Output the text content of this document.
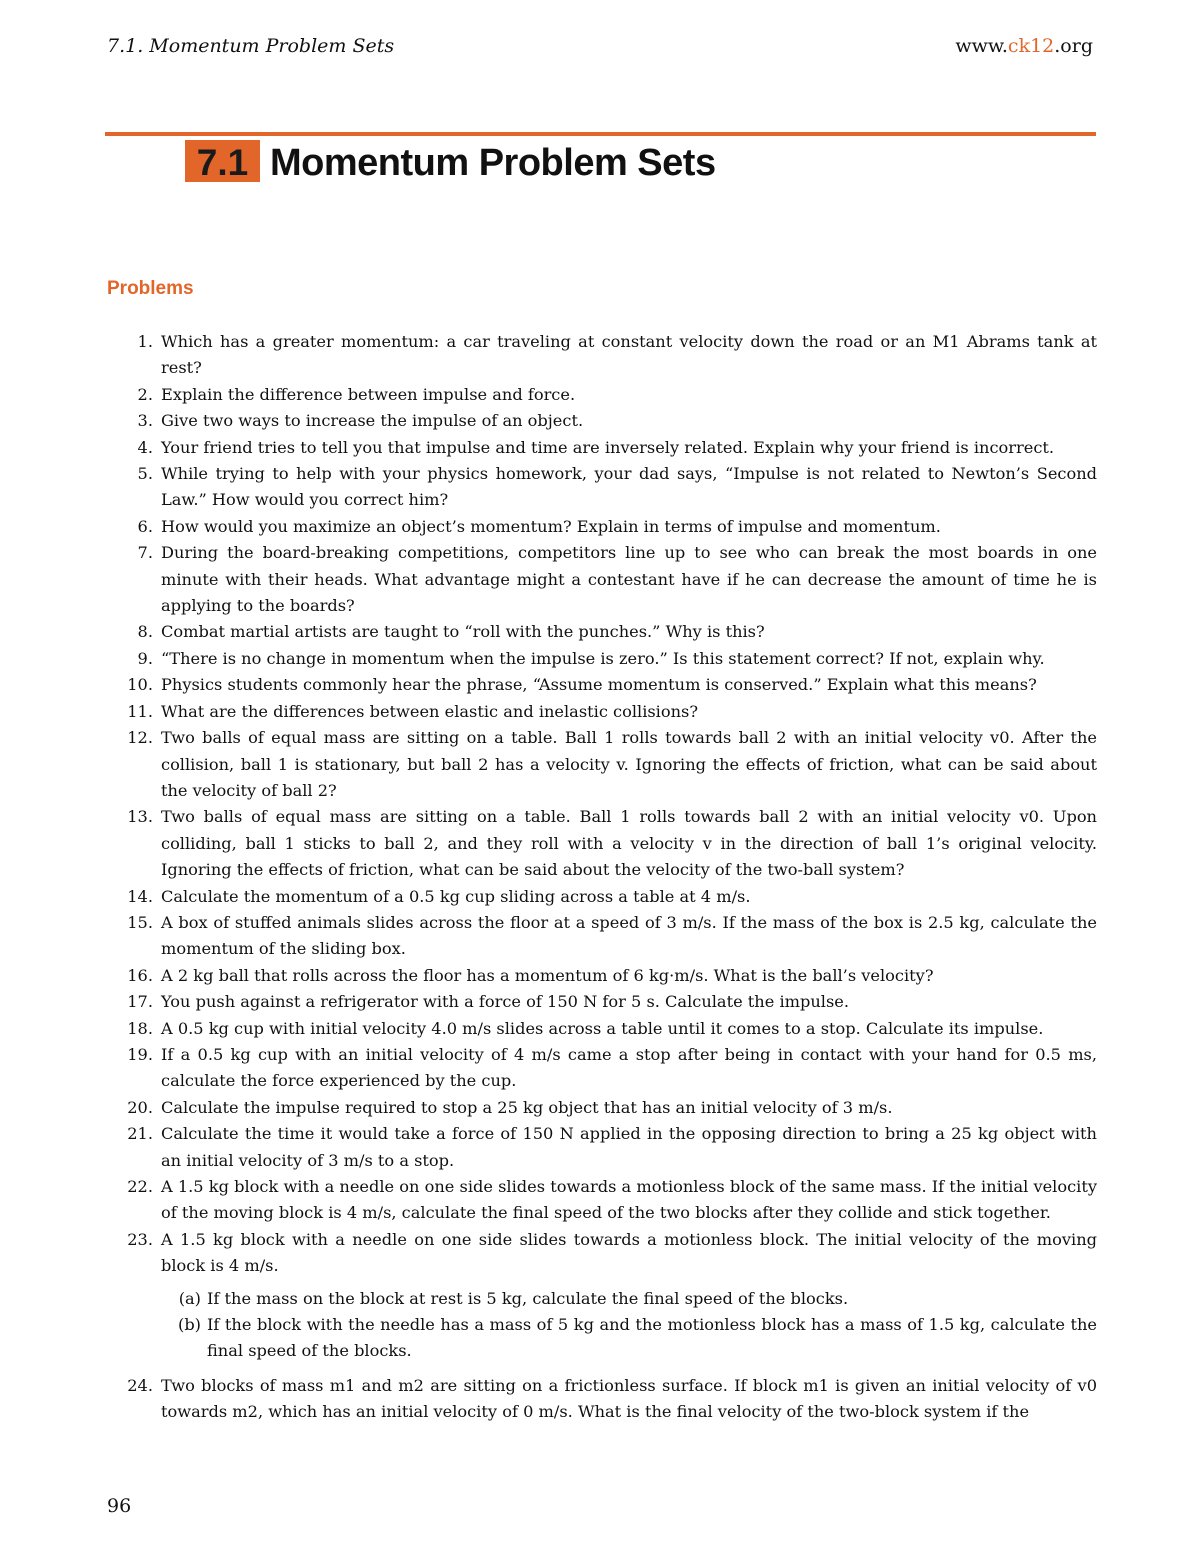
7.1. Momentum Problem Sets	www.ck12.org
7.1 Momentum Problem Sets
Problems
1. Which has a greater momentum: a car traveling at constant velocity down the road or an M1 Abrams tank at rest?
2. Explain the difference between impulse and force.
3. Give two ways to increase the impulse of an object.
4. Your friend tries to tell you that impulse and time are inversely related. Explain why your friend is incorrect.
5. While trying to help with your physics homework, your dad says, “Impulse is not related to Newton’s Second Law.” How would you correct him?
6. How would you maximize an object’s momentum? Explain in terms of impulse and momentum.
7. During the board-breaking competitions, competitors line up to see who can break the most boards in one minute with their heads. What advantage might a contestant have if he can decrease the amount of time he is applying to the boards?
8. Combat martial artists are taught to “roll with the punches.” Why is this?
9. “There is no change in momentum when the impulse is zero.” Is this statement correct? If not, explain why.
10. Physics students commonly hear the phrase, “Assume momentum is conserved.” Explain what this means?
11. What are the differences between elastic and inelastic collisions?
12. Two balls of equal mass are sitting on a table. Ball 1 rolls towards ball 2 with an initial velocity v0. After the collision, ball 1 is stationary, but ball 2 has a velocity v. Ignoring the effects of friction, what can be said about the velocity of ball 2?
13. Two balls of equal mass are sitting on a table. Ball 1 rolls towards ball 2 with an initial velocity v0. Upon colliding, ball 1 sticks to ball 2, and they roll with a velocity v in the direction of ball 1’s original velocity. Ignoring the effects of friction, what can be said about the velocity of the two-ball system?
14. Calculate the momentum of a 0.5 kg cup sliding across a table at 4 m/s.
15. A box of stuffed animals slides across the floor at a speed of 3 m/s. If the mass of the box is 2.5 kg, calculate the momentum of the sliding box.
16. A 2 kg ball that rolls across the floor has a momentum of 6 kg·m/s. What is the ball’s velocity?
17. You push against a refrigerator with a force of 150 N for 5 s. Calculate the impulse.
18. A 0.5 kg cup with initial velocity 4.0 m/s slides across a table until it comes to a stop. Calculate its impulse.
19. If a 0.5 kg cup with an initial velocity of 4 m/s came a stop after being in contact with your hand for 0.5 ms, calculate the force experienced by the cup.
20. Calculate the impulse required to stop a 25 kg object that has an initial velocity of 3 m/s.
21. Calculate the time it would take a force of 150 N applied in the opposing direction to bring a 25 kg object with an initial velocity of 3 m/s to a stop.
22. A 1.5 kg block with a needle on one side slides towards a motionless block of the same mass. If the initial velocity of the moving block is 4 m/s, calculate the final speed of the two blocks after they collide and stick together.
23. A 1.5 kg block with a needle on one side slides towards a motionless block. The initial velocity of the moving block is 4 m/s.
(a) If the mass on the block at rest is 5 kg, calculate the final speed of the blocks.
(b) If the block with the needle has a mass of 5 kg and the motionless block has a mass of 1.5 kg, calculate the final speed of the blocks.
24. Two blocks of mass m1 and m2 are sitting on a frictionless surface. If block m1 is given an initial velocity of v0 towards m2, which has an initial velocity of 0 m/s. What is the final velocity of the two-block system if the
96
